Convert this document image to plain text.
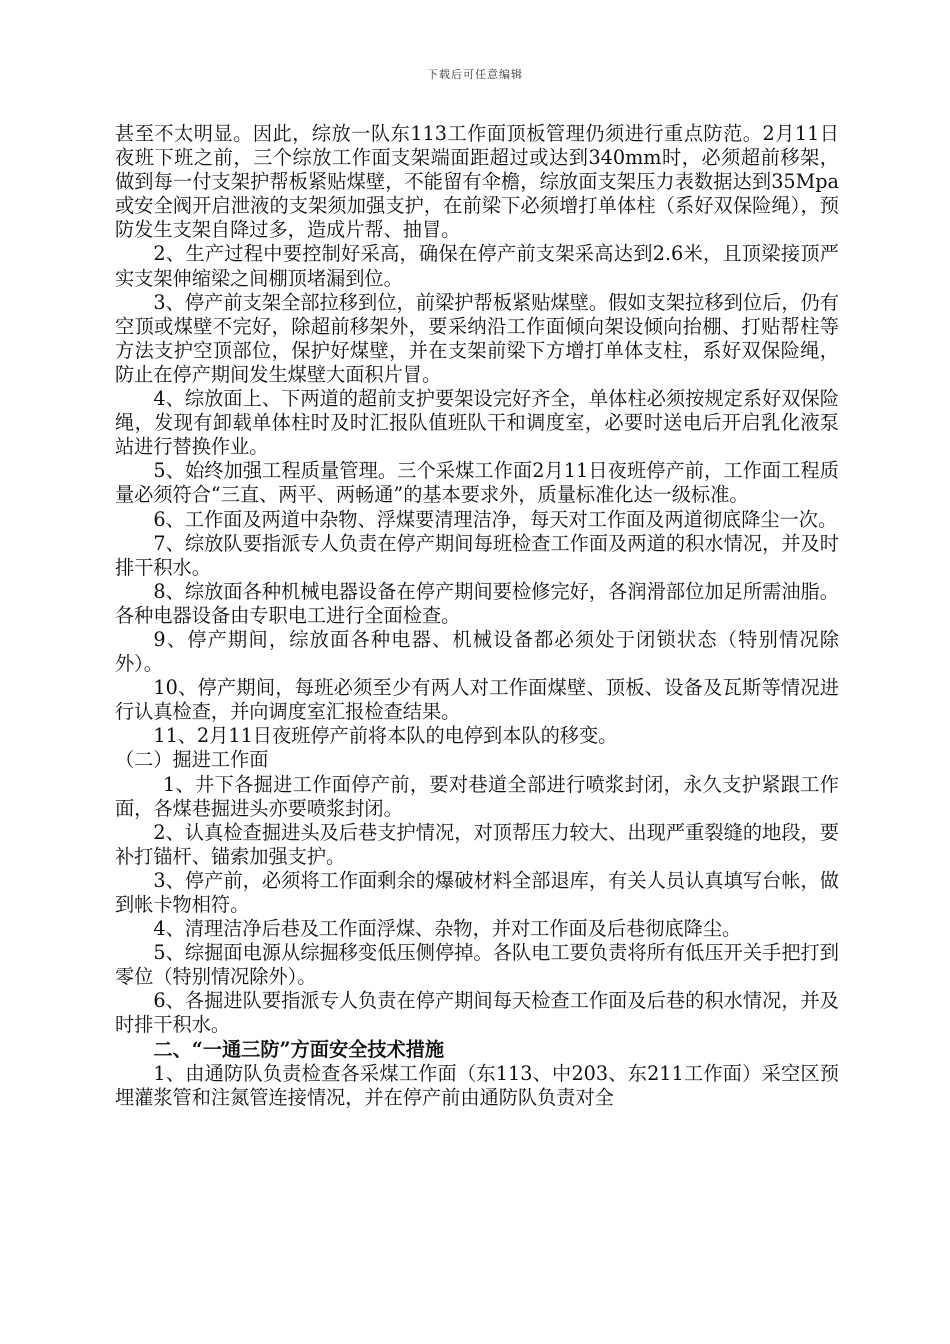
下载后可任意编辑

甚至不太明显。因此，综放一队东113工作面顶板管理仍须进行重点防范。2月11日夜班下班之前，三个综放工作面支架端面距超过或达到340mm时，必须超前移架，做到每一付支架护帮板紧贴煤壁，不能留有伞檐，综放面支架压力表数据达到35Mpa或安全阀开启泄液的支架须加强支护，在前梁下必须增打单体柱（系好双保险绳），预防发生支架自降过多，造成片帮、抽冒。

2、生产过程中要控制好采高，确保在停产前支架采高达到2.6米，且顶梁接顶严实支架伸缩梁之间棚顶堵漏到位。

3、停产前支架全部拉移到位，前梁护帮板紧贴煤壁。假如支架拉移到位后，仍有空顶或煤壁不完好，除超前移架外，要采纳沿工作面倾向架设倾向抬棚、打贴帮柱等方法支护空顶部位，保护好煤壁，并在支架前梁下方增打单体支柱，系好双保险绳，防止在停产期间发生煤壁大面积片冒。

4、综放面上、下两道的超前支护要架设完好齐全，单体柱必须按规定系好双保险绳，发现有卸载单体柱时及时汇报队值班队干和调度室，必要时送电后开启乳化液泵站进行替换作业。

5、始终加强工程质量管理。三个采煤工作面2月11日夜班停产前，工作面工程质量必须符合“三直、两平、两畅通”的基本要求外，质量标准化达一级标准。

6、工作面及两道中杂物、浮煤要清理洁净，每天对工作面及两道彻底降尘一次。

7、综放队要指派专人负责在停产期间每班检查工作面及两道的积水情况，并及时排干积水。

8、综放面各种机械电器设备在停产期间要检修完好，各润滑部位加足所需油脂。各种电器设备由专职电工进行全面检查。

9、停产期间，综放面各种电器、机械设备都必须处于闭锁状态（特别情况除外）。

10、停产期间，每班必须至少有两人对工作面煤壁、顶板、设备及瓦斯等情况进行认真检查，并向调度室汇报检查结果。

11、2月11日夜班停产前将本队的电停到本队的移变。

（二）掘进工作面

1、井下各掘进工作面停产前，要对巷道全部进行喷浆封闭，永久支护紧跟工作面，各煤巷掘进头亦要喷浆封闭。

2、认真检查掘进头及后巷支护情况，对顶帮压力较大、出现严重裂缝的地段，要补打锚杆、锚索加强支护。

3、停产前，必须将工作面剩余的爆破材料全部退库，有关人员认真填写台帐，做到帐卡物相符。

4、清理洁净后巷及工作面浮煤、杂物，并对工作面及后巷彻底降尘。

5、综掘面电源从综掘移变低压侧停掉。各队电工要负责将所有低压开关手把打到零位（特别情况除外）。

6、各掘进队要指派专人负责在停产期间每天检查工作面及后巷的积水情况，并及时排干积水。

二、“一通三防”方面安全技术措施

1、由通防队负责检查各采煤工作面（东113、中203、东211工作面）采空区预埋灌浆管和注氮管连接情况，并在停产前由通防队负责对全
